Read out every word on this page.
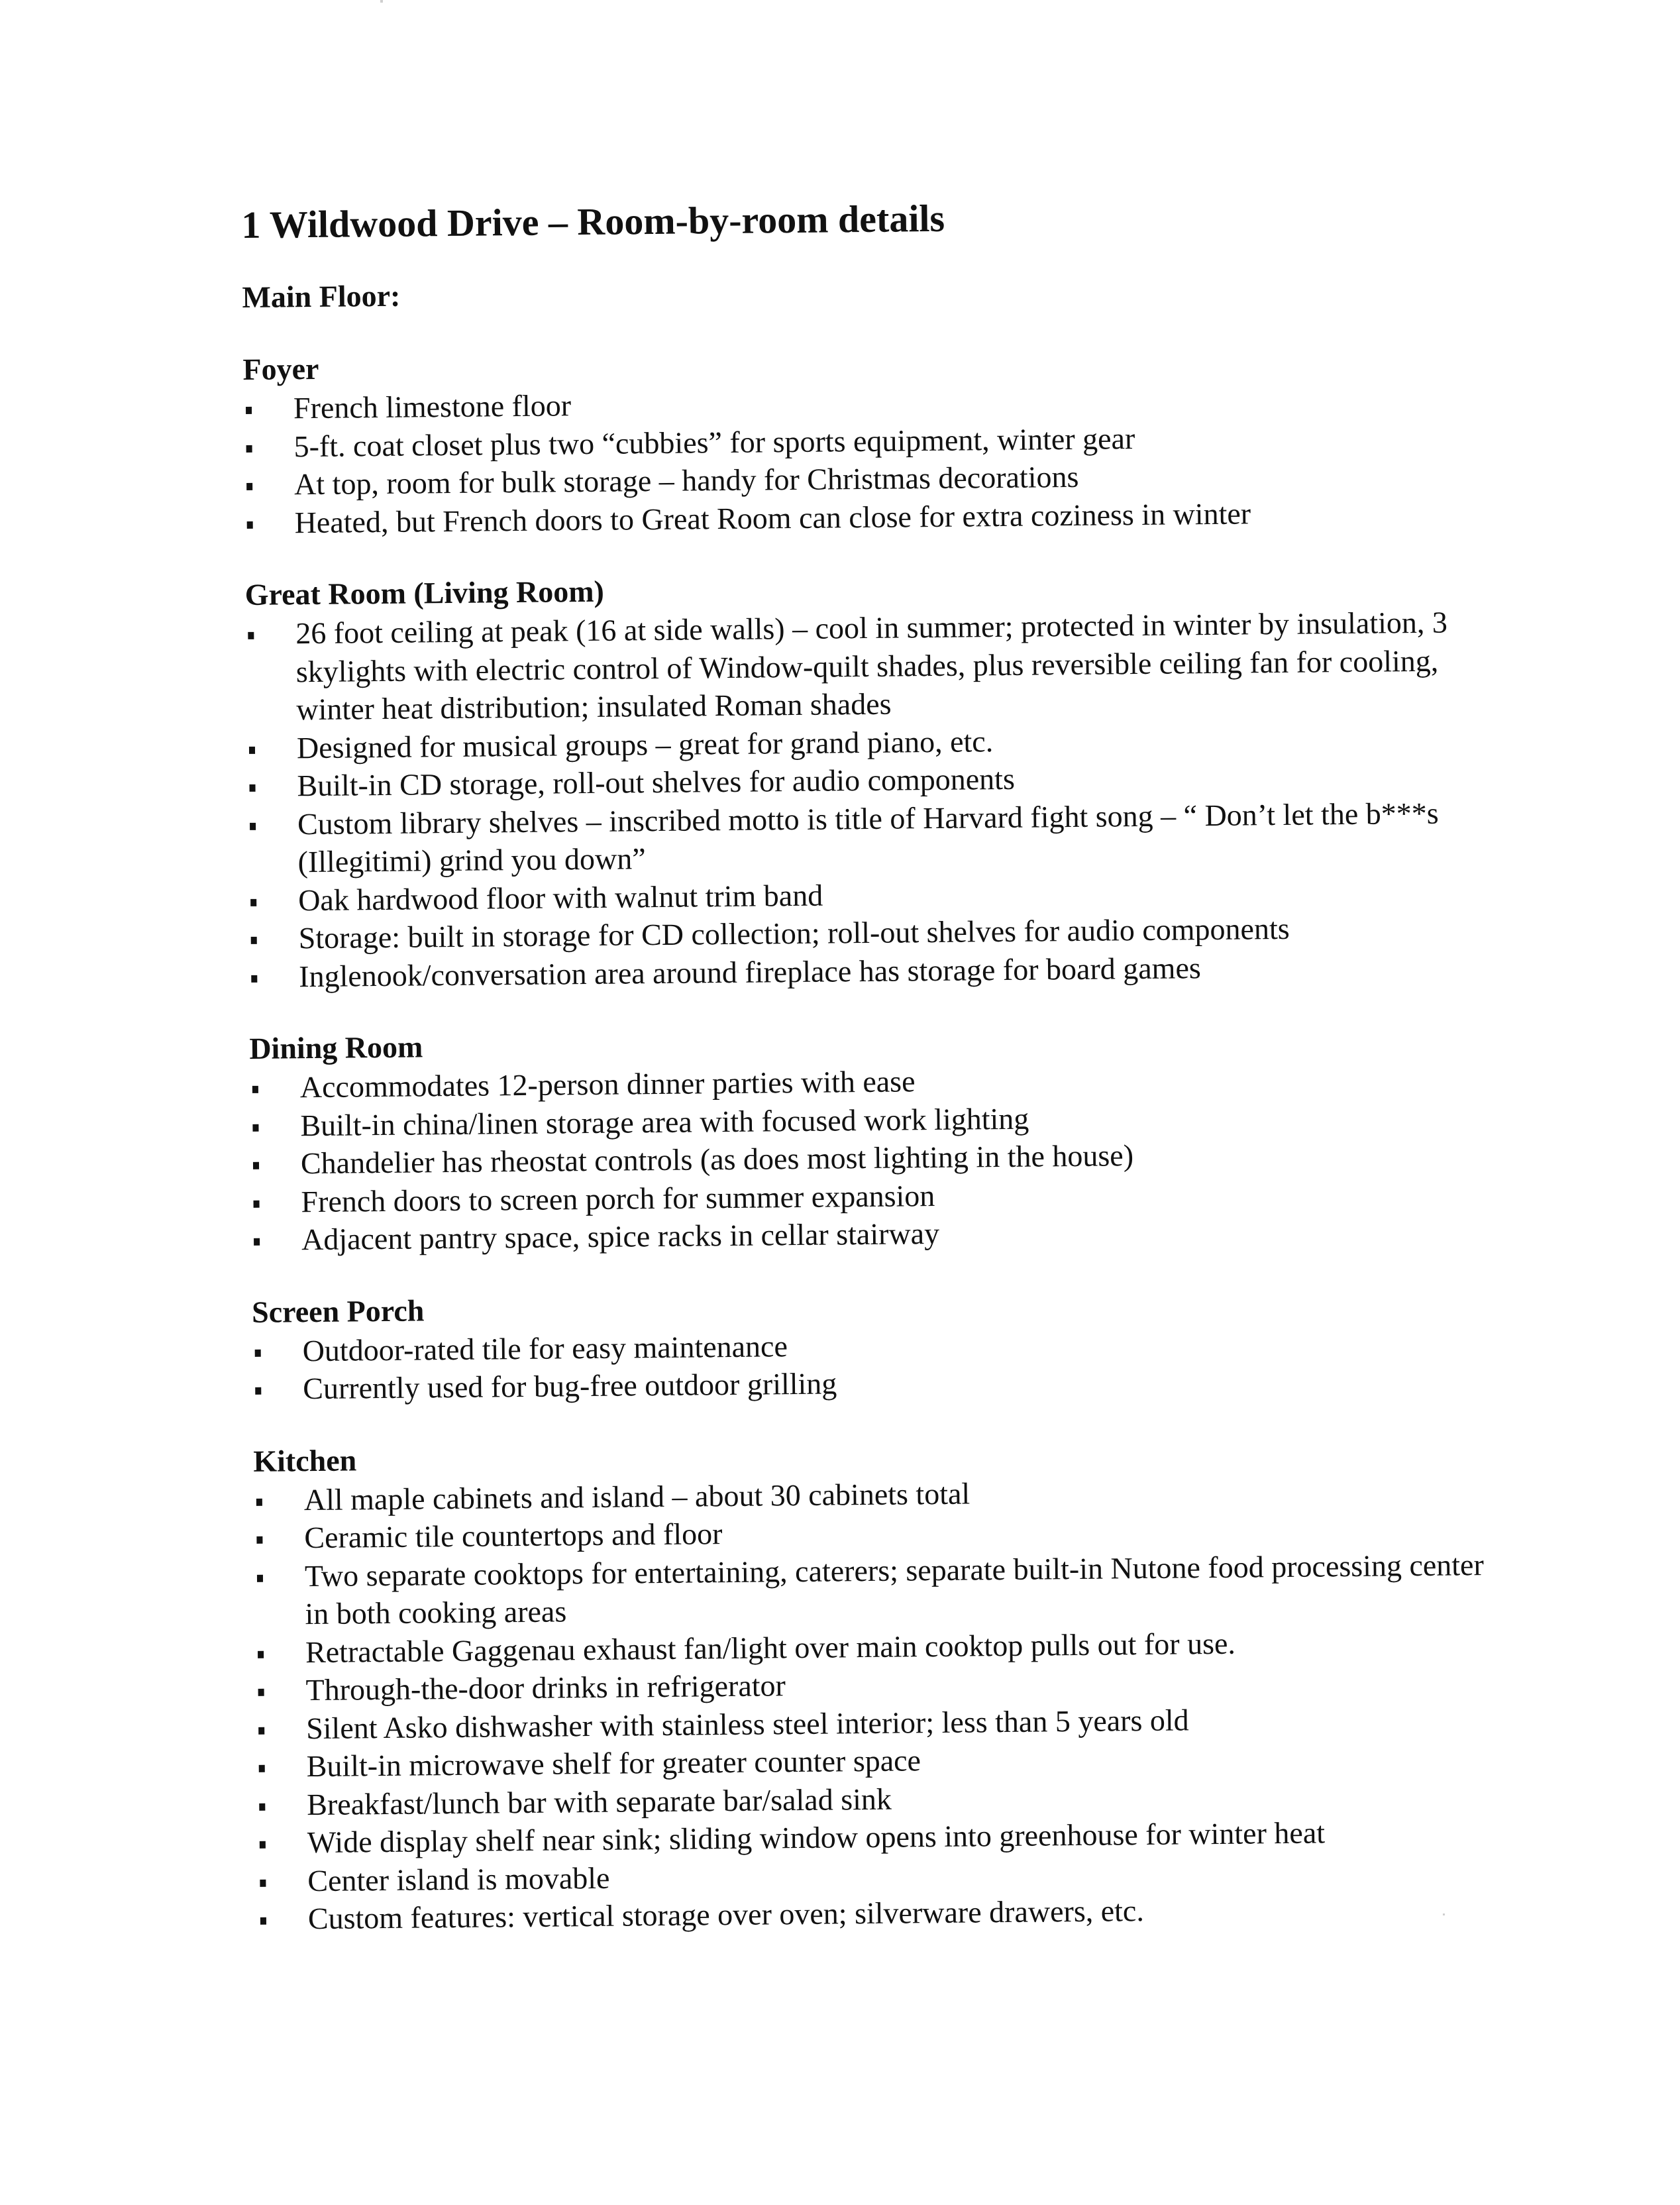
1 Wildwood Drive – Room-by-room details
Main Floor:
Foyer
French limestone floor
5-ft. coat closet plus two “cubbies” for sports equipment, winter gear
At top, room for bulk storage – handy for Christmas decorations
Heated, but French doors to Great Room can close for extra coziness in winter
Great Room (Living Room)
26 foot ceiling at peak (16 at side walls) – cool in summer; protected in winter by insulation, 3 skylights with electric control of Window-quilt shades, plus reversible ceiling fan for cooling, winter heat distribution; insulated Roman shades
Designed for musical groups – great for grand piano, etc.
Built-in CD storage, roll-out shelves for audio components
Custom library shelves – inscribed motto is title of Harvard fight song – “ Don’t let the b***s (Illegitimi) grind you down”
Oak hardwood floor with walnut trim band
Storage: built in storage for CD collection; roll-out shelves for audio components
Inglenook/conversation area around fireplace has storage for board games
Dining Room
Accommodates 12-person dinner parties with ease
Built-in china/linen storage area with focused work lighting
Chandelier has rheostat controls (as does most lighting in the house)
French doors to screen porch for summer expansion
Adjacent pantry space, spice racks in cellar stairway
Screen Porch
Outdoor-rated tile for easy maintenance
Currently used for bug-free outdoor grilling
Kitchen
All maple cabinets and island – about 30 cabinets total
Ceramic tile countertops and floor
Two separate cooktops for entertaining, caterers; separate built-in Nutone food processing center in both cooking areas
Retractable Gaggenau exhaust fan/light over main cooktop pulls out for use.
Through-the-door drinks in refrigerator
Silent Asko dishwasher with stainless steel interior; less than 5 years old
Built-in microwave shelf for greater counter space
Breakfast/lunch bar with separate bar/salad sink
Wide display shelf near sink; sliding window opens into greenhouse for winter heat
Center island is movable
Custom features: vertical storage over oven; silverware drawers, etc.
